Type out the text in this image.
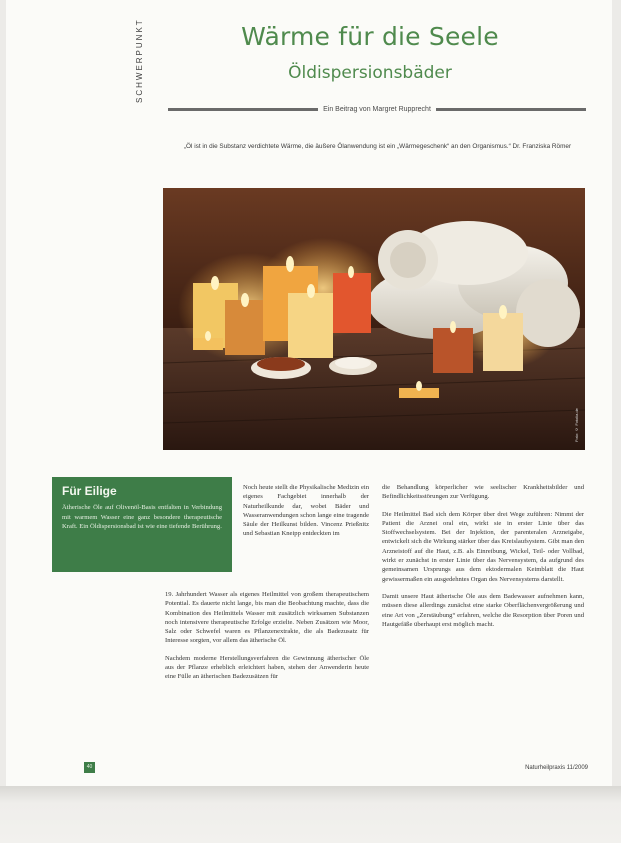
SCHWERPUNKT	Wärme für die Seele
Öldispersionsbäder
Ein Beitrag von Margret Rupprecht
„Öl ist in die Substanz verdichtete Wärme, die äußere Ölanwendung ist ein „Wärmegeschenk“ an den Organismus.“ Dr. Franziska Römer
Foto: © Fotolia.de
Für Eilige

Ätherische Öle auf Olivenöl-Basis entfalten in Verbindung mit warmem Wasser eine ganz besondere therapeutische Kraft. Ein Öldispersionsbad ist wie eine tiefende Berührung.

Noch heute stellt die Physikalische Medizin ein eigenes Fachgebiet innerhalb der Naturheilkunde dar, wobei Bäder und Wasseranwendungen schon lange eine tragende Säule der Heilkunst bilden. Vincenz Prießnitz und Sebastian Kneipp entdeckten im

19. Jahrhundert Wasser als eigenes Heilmittel von großem therapeutischem Potential. Es dauerte nicht lange, bis man die Beobachtung machte, dass die Kombination des Heilmittels Wasser mit zusätzlich wirksamen Substanzen noch intensivere therapeutische Erfolge erzielte. Neben Zusätzen wie Moor, Salz oder Schwefel waren es Pflanzenextrakte, die als Badezusatz für Interesse sorgten, vor allem das ätherische Öl.

Nachdem moderne Herstellungsverfahren die Gewinnung ätherischer Öle aus der Pflanze erheblich erleichtert haben, stehen der Anwenderin heute eine Fülle an ätherischen Badezusätzen für

die Behandlung körperlicher wie seelischer Krankheitsbilder und Befindlichkeitsstörungen zur Verfügung.

Die Heilmittel Bad sich dem Körper über drei Wege zuführen: Nimmt der Patient die Arznei oral ein, wirkt sie in erster Linie über das Stoffwechselsystem. Bei der Injektion, der parenteralen Arzneigabe, entwickelt sich die Wirkung stärker über das Kreislaufsystem. Gibt man den Arzneistoff auf die Haut, z.B. als Einreibung, Wickel, Teil- oder Vollbad, wirkt er zunächst in erster Linie über das Nervensystem, da aufgrund des gemeinsamen Ursprungs aus dem ektodermalen Keimblatt die Haut gewissermaßen ein ausgedehntes Organ des Nervensystems darstellt.

Damit unsere Haut ätherische Öle aus dem Badewasser aufnehmen kann, müssen diese allerdings zunächst eine starke Oberflächenvergrößerung und eine Art von „Zerstäubung“ erfahren, welche die Resorption über Poren und Hautgefäße überhaupt erst möglich macht.

40	Naturheilpraxis 11/2009
